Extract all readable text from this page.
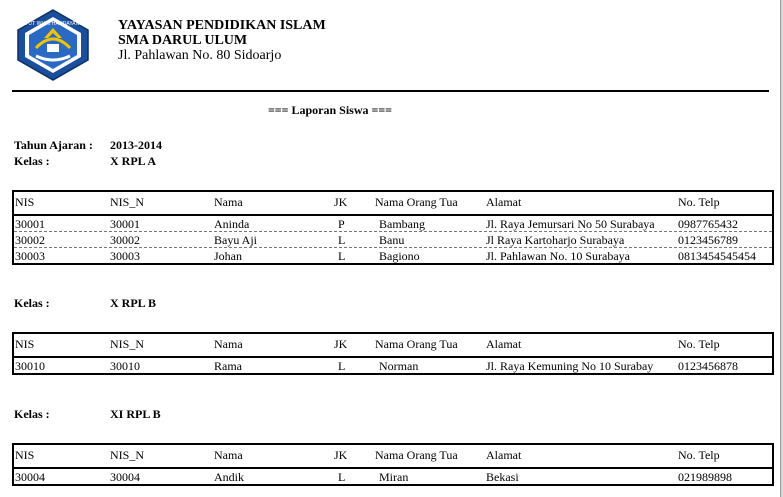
TUT WURI HANDAYANI	YAYASAN PENDIDIKAN ISLAM
SMA DARUL ULUM
Jl. Pahlawan No. 80 Sidoarjo
=== Laporan Siswa ===
Tahun Ajaran : 2013-2014
Kelas :	X RPL A
NIS	NIS_N	Nama	JK	Nama Orang Tua	Alamat	No. Telp
30001	30001	Aninda	P	Bambang	Jl. Raya Jemursari No 50 Surabaya	0987765432
30002	30002	Bayu Aji	L	Banu	Jl Raya Kartoharjo Surabaya	0123456789
30003	30003	Johan	L	Bagiono	Jl. Pahlawan No. 10 Surabaya	0813454545454
Kelas :	X RPL B
NIS	NIS_N	Nama	JK	Nama Orang Tua	Alamat	No. Telp
30010	30010	Rama	L	Norman	Jl. Raya Kemuning No 10 Surabay	0123456878
Kelas :	XI RPL B
NIS	NIS_N	Nama	JK	Nama Orang Tua	Alamat	No. Telp
30004	30004	Andik	L	Miran	Bekasi	021989898
